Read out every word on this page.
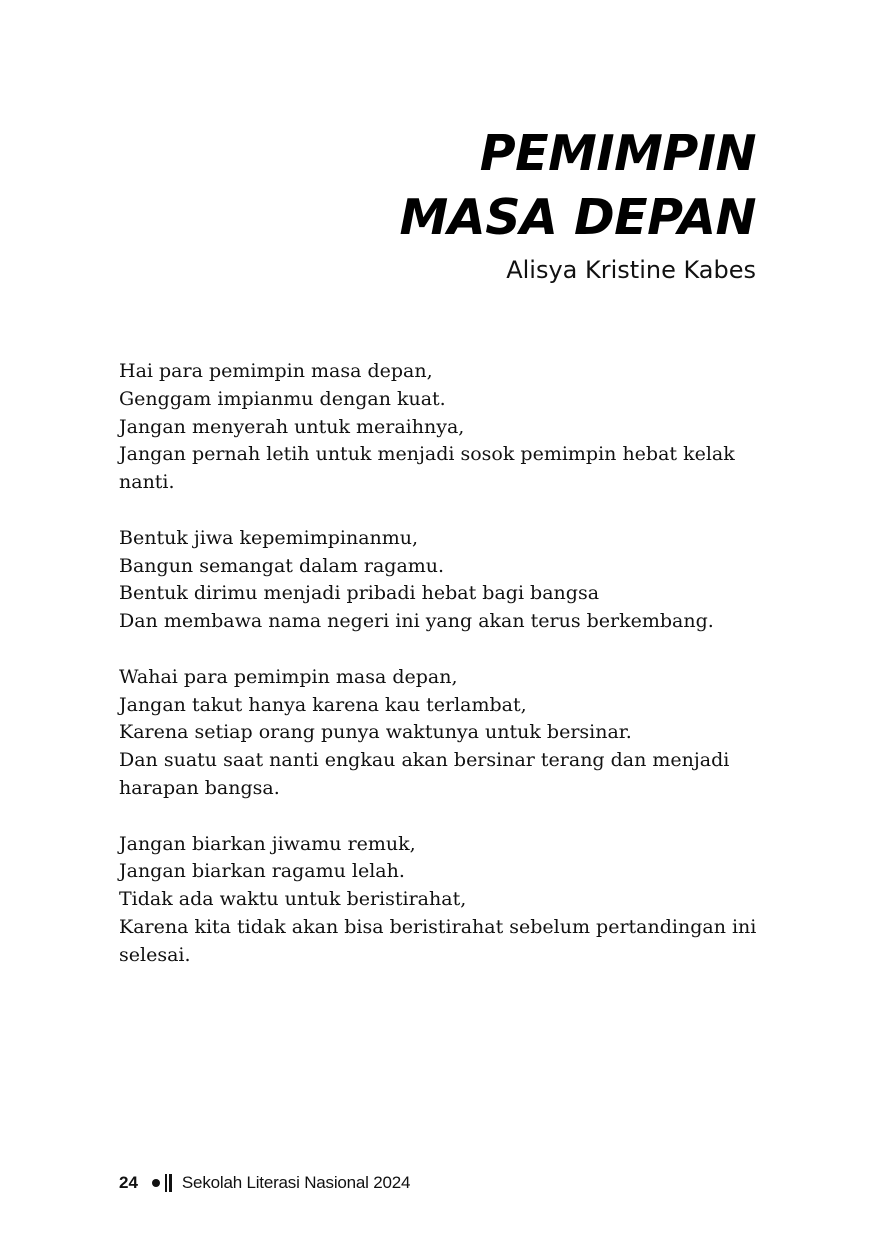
PEMIMPIN
MASA DEPAN
Alisya Kristine Kabes
Hai para pemimpin masa depan,
Genggam impianmu dengan kuat.
Jangan menyerah untuk meraihnya,
Jangan pernah letih untuk menjadi sosok pemimpin hebat kelak nanti.
Bentuk jiwa kepemimpinanmu,
Bangun semangat dalam ragamu.
Bentuk dirimu menjadi pribadi hebat bagi bangsa
Dan membawa nama negeri ini yang akan terus berkembang.
Wahai para pemimpin masa depan,
Jangan takut hanya karena kau terlambat,
Karena setiap orang punya waktunya untuk bersinar.
Dan suatu saat nanti engkau akan bersinar terang dan menjadi harapan bangsa.
Jangan biarkan jiwamu remuk,
Jangan biarkan ragamu lelah.
Tidak ada waktu untuk beristirahat,
Karena kita tidak akan bisa beristirahat sebelum pertandingan ini selesai.
24	Sekolah Literasi Nasional 2024
